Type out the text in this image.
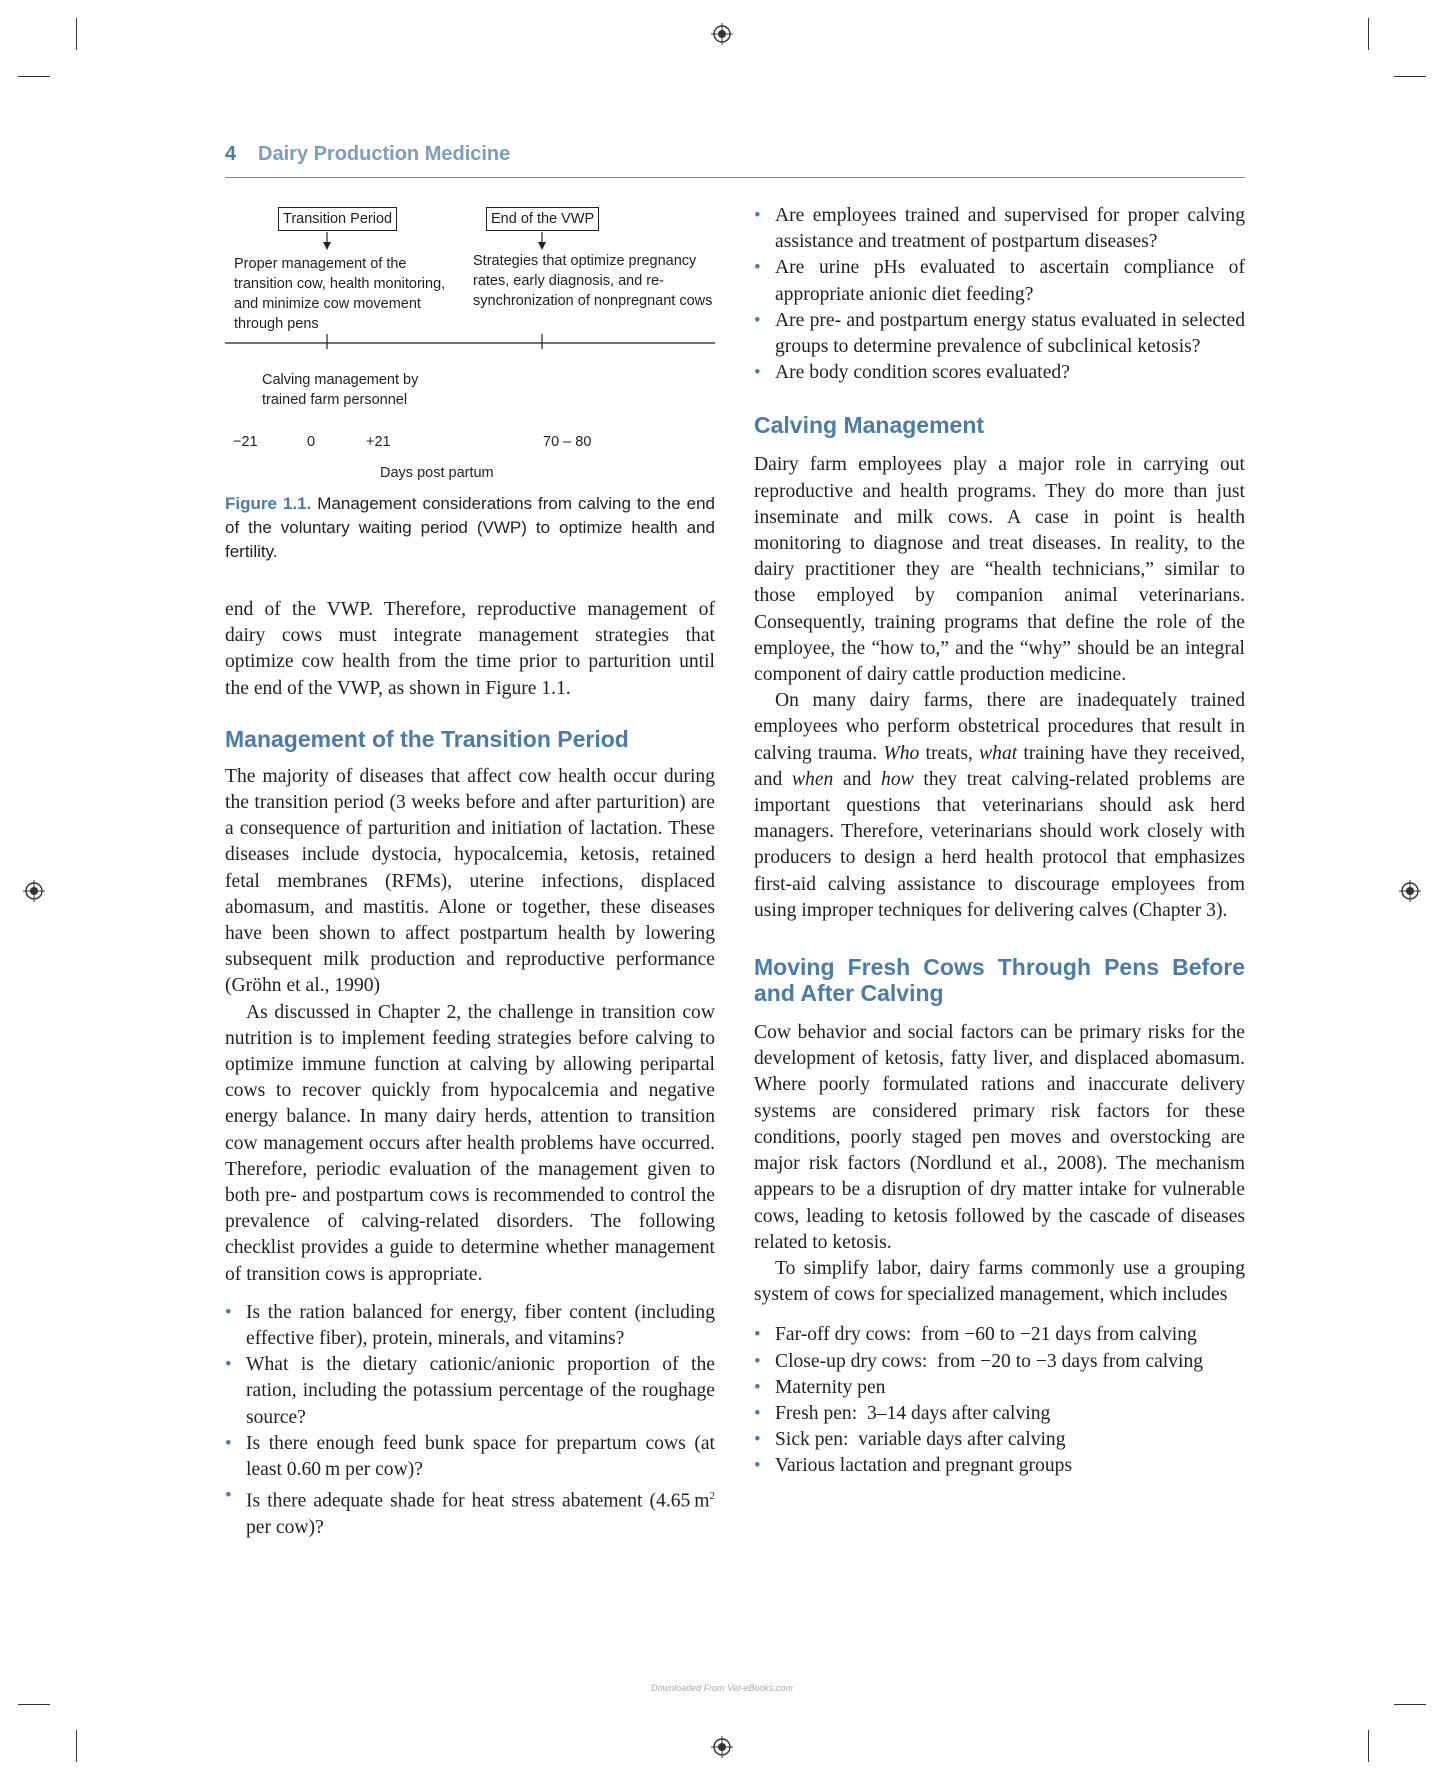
4 Dairy Production Medicine
Transition Period	End of the VWP
Proper management of the transition cow, health monitoring, and minimize cow movement through pens
Strategies that optimize pregnancy rates, early diagnosis, and re-synchronization of nonpregnant cows
Calving management by trained farm personnel
−21	0	+21	70 – 80
Days post partum
Figure 1.1. Management considerations from calving to the end of the voluntary waiting period (VWP) to optimize health and fertility.

end of the VWP. Therefore, reproductive management of dairy cows must integrate management strategies that optimize cow health from the time prior to parturition until the end of the VWP, as shown in Figure 1.1.

Management of the Transition Period

The majority of diseases that affect cow health occur during the transition period (3 weeks before and after parturition) are a consequence of parturition and initiation of lactation. These diseases include dystocia, hypocalcemia, ketosis, retained fetal membranes (RFMs), uterine infections, displaced abomasum, and mastitis. Alone or together, these diseases have been shown to affect postpartum health by lowering subsequent milk production and reproductive performance (Gröhn et al., 1990)

As discussed in Chapter 2, the challenge in transition cow nutrition is to implement feeding strategies before calving to optimize immune function at calving by allowing peripartal cows to recover quickly from hypocalcemia and negative energy balance. In many dairy herds, attention to transition cow management occurs after health problems have occurred. Therefore, periodic evaluation of the management given to both pre- and postpartum cows is recommended to control the prevalence of calving-related disorders. The following checklist provides a guide to determine whether management of transition cows is appropriate.

• Is the ration balanced for energy, fiber content (including effective fiber), protein, minerals, and vitamins?
• What is the dietary cationic/anionic proportion of the ration, including the potassium percentage of the roughage source?
• Is there enough feed bunk space for prepartum cows (at least 0.60 m per cow)?
• Is there adequate shade for heat stress abatement (4.65 $m^2$ per cow)?
• Are employees trained and supervised for proper calving assistance and treatment of postpartum diseases?
• Are urine pHs evaluated to ascertain compliance of appropriate anionic diet feeding?
• Are pre- and postpartum energy status evaluated in selected groups to determine prevalence of subclinical ketosis?
• Are body condition scores evaluated?
Calving Management

Dairy farm employees play a major role in carrying out reproductive and health programs. They do more than just inseminate and milk cows. A case in point is health monitoring to diagnose and treat diseases. In reality, to the dairy practitioner they are “health technicians,” similar to those employed by companion animal veterinarians. Consequently, training programs that define the role of the employee, the “how to,” and the “why” should be an integral component of dairy cattle production medicine.

On many dairy farms, there are inadequately trained employees who perform obstetrical procedures that result in calving trauma. Who treats, what training have they received, and when and how they treat calving-related problems are important questions that veterinarians should ask herd managers. Therefore, veterinarians should work closely with producers to design a herd health protocol that emphasizes first-aid calving assistance to discourage employees from using improper techniques for delivering calves (Chapter 3).

Moving Fresh Cows Through Pens Before and After Calving

Cow behavior and social factors can be primary risks for the development of ketosis, fatty liver, and displaced abomasum. Where poorly formulated rations and inaccurate delivery systems are considered primary risk factors for these conditions, poorly staged pen moves and overstocking are major risk factors (Nordlund et al., 2008). The mechanism appears to be a disruption of dry matter intake for vulnerable cows, leading to ketosis followed by the cascade of diseases related to ketosis.

To simplify labor, dairy farms commonly use a grouping system of cows for specialized management, which includes

• Far-off dry cows: from −60 to −21 days from calving
• Close-up dry cows: from −20 to −3 days from calving
• Maternity pen
• Fresh pen: 3–14 days after calving
• Sick pen: variable days after calving
• Various lactation and pregnant groups
Downloaded From Vet-eBooks.com
